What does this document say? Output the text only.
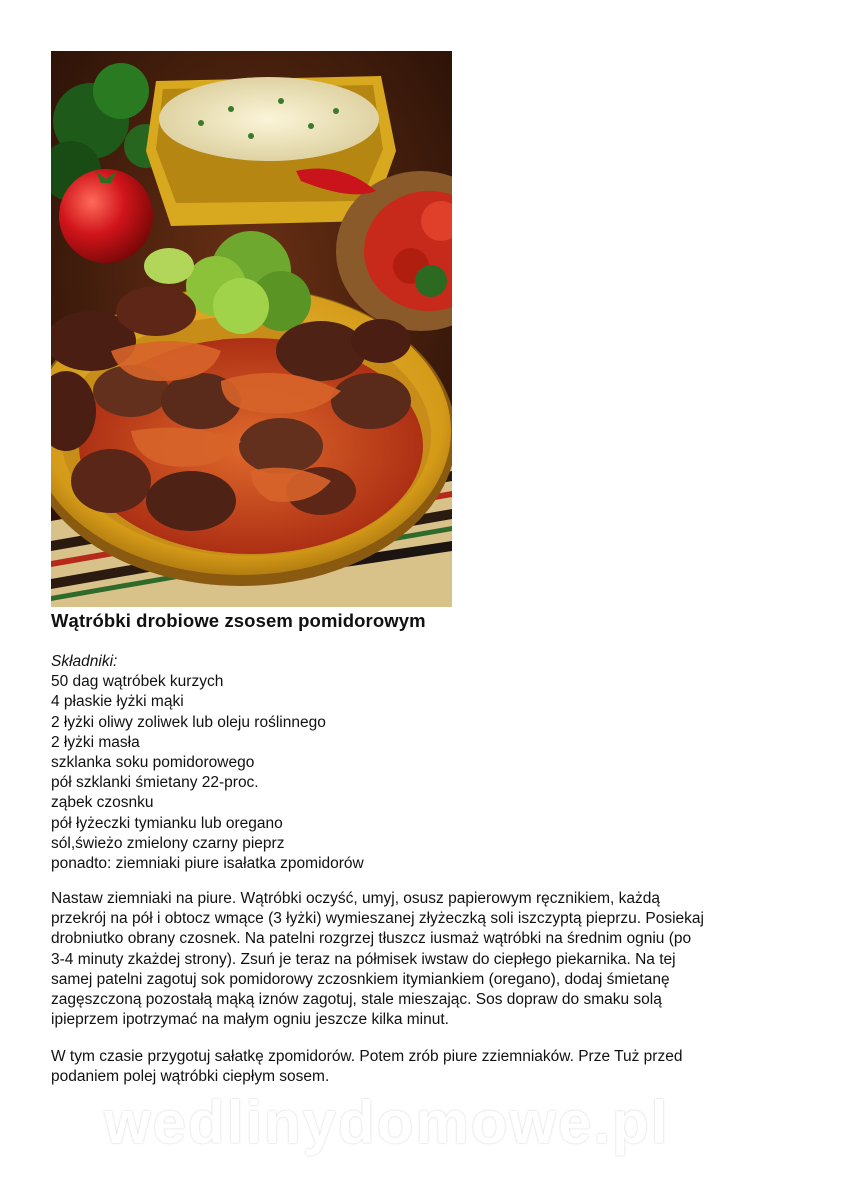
Wątróbki drobiowe zsosem pomidorowym
Składniki:
50 dag wątróbek kurzych
4 płaskie łyżki mąki
2 łyżki oliwy zoliwek lub oleju roślinnego
2 łyżki masła
szklanka soku pomidorowego
pół szklanki śmietany 22-proc.
ząbek czosnku
pół łyżeczki tymianku lub oregano
sól,świeżo zmielony czarny pieprz
ponadto: ziemniaki piure isałatka zpomidorów
Nastaw ziemniaki na piure. Wątróbki oczyść, umyj, osusz papierowym ręcznikiem, każdą
przekrój na pół i obtocz wmące (3 łyżki) wymieszanej złyżeczką soli iszczyptą pieprzu. Posiekaj
drobniutko obrany czosnek. Na patelni rozgrzej tłuszcz iusmaż wątróbki na średnim ogniu (po
3-4 minuty zkażdej strony). Zsuń je teraz na półmisek iwstaw do ciepłego piekarnika. Na tej
samej patelni zagotuj sok pomidorowy zczosnkiem itymiankiem (oregano), dodaj śmietanę
zagęszczoną pozostałą mąką iznów zagotuj, stale mieszając. Sos dopraw do smaku solą
ipieprzem ipotrzymać na małym ogniu jeszcze kilka minut.
W tym czasie przygotuj sałatkę zpomidorów. Potem zrób piure zziemniaków. Prze Tuż przed
podaniem polej wątróbki ciepłym sosem.
wedlinydomowe.pl
